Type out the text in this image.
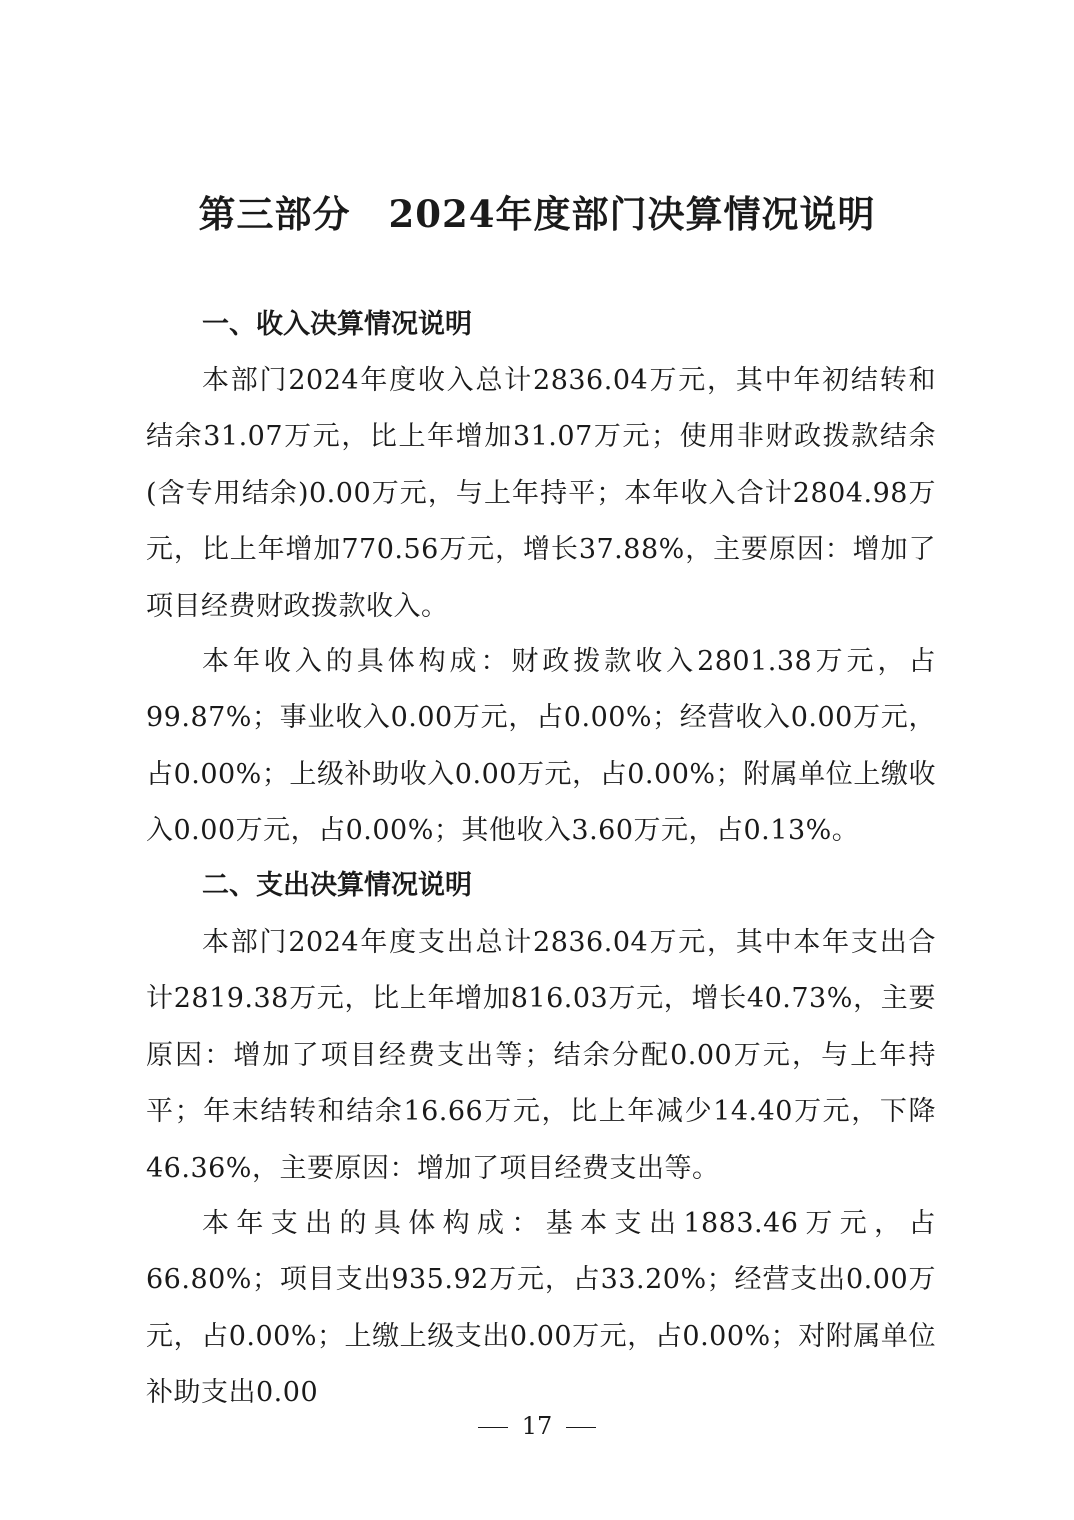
第三部分　2024年度部门决算情况说明
一、收入决算情况说明

本部门2024年度收入总计2836.04万元，其中年初结转和结余31.07万元，比上年增加31.07万元；使用非财政拨款结余(含专用结余)0.00万元，与上年持平；本年收入合计2804.98万元，比上年增加770.56万元，增长37.88%，主要原因：增加了项目经费财政拨款收入。

本年收入的具体构成：财政拨款收入2801.38万元，占99.87%；事业收入0.00万元，占0.00%；经营收入0.00万元，占0.00%；上级补助收入0.00万元，占0.00%；附属单位上缴收入0.00万元，占0.00%；其他收入3.60万元，占0.13%。

二、支出决算情况说明

本部门2024年度支出总计2836.04万元，其中本年支出合计2819.38万元，比上年增加816.03万元，增长40.73%，主要原因：增加了项目经费支出等；结余分配0.00万元，与上年持平；年末结转和结余16.66万元，比上年减少14.40万元，下降46.36%，主要原因：增加了项目经费支出等。

本年支出的具体构成：基本支出1883.46万元，占66.80%；项目支出935.92万元，占33.20%；经营支出0.00万元，占0.00%；上缴上级支出0.00万元，占0.00%；对附属单位补助支出0.00

17
